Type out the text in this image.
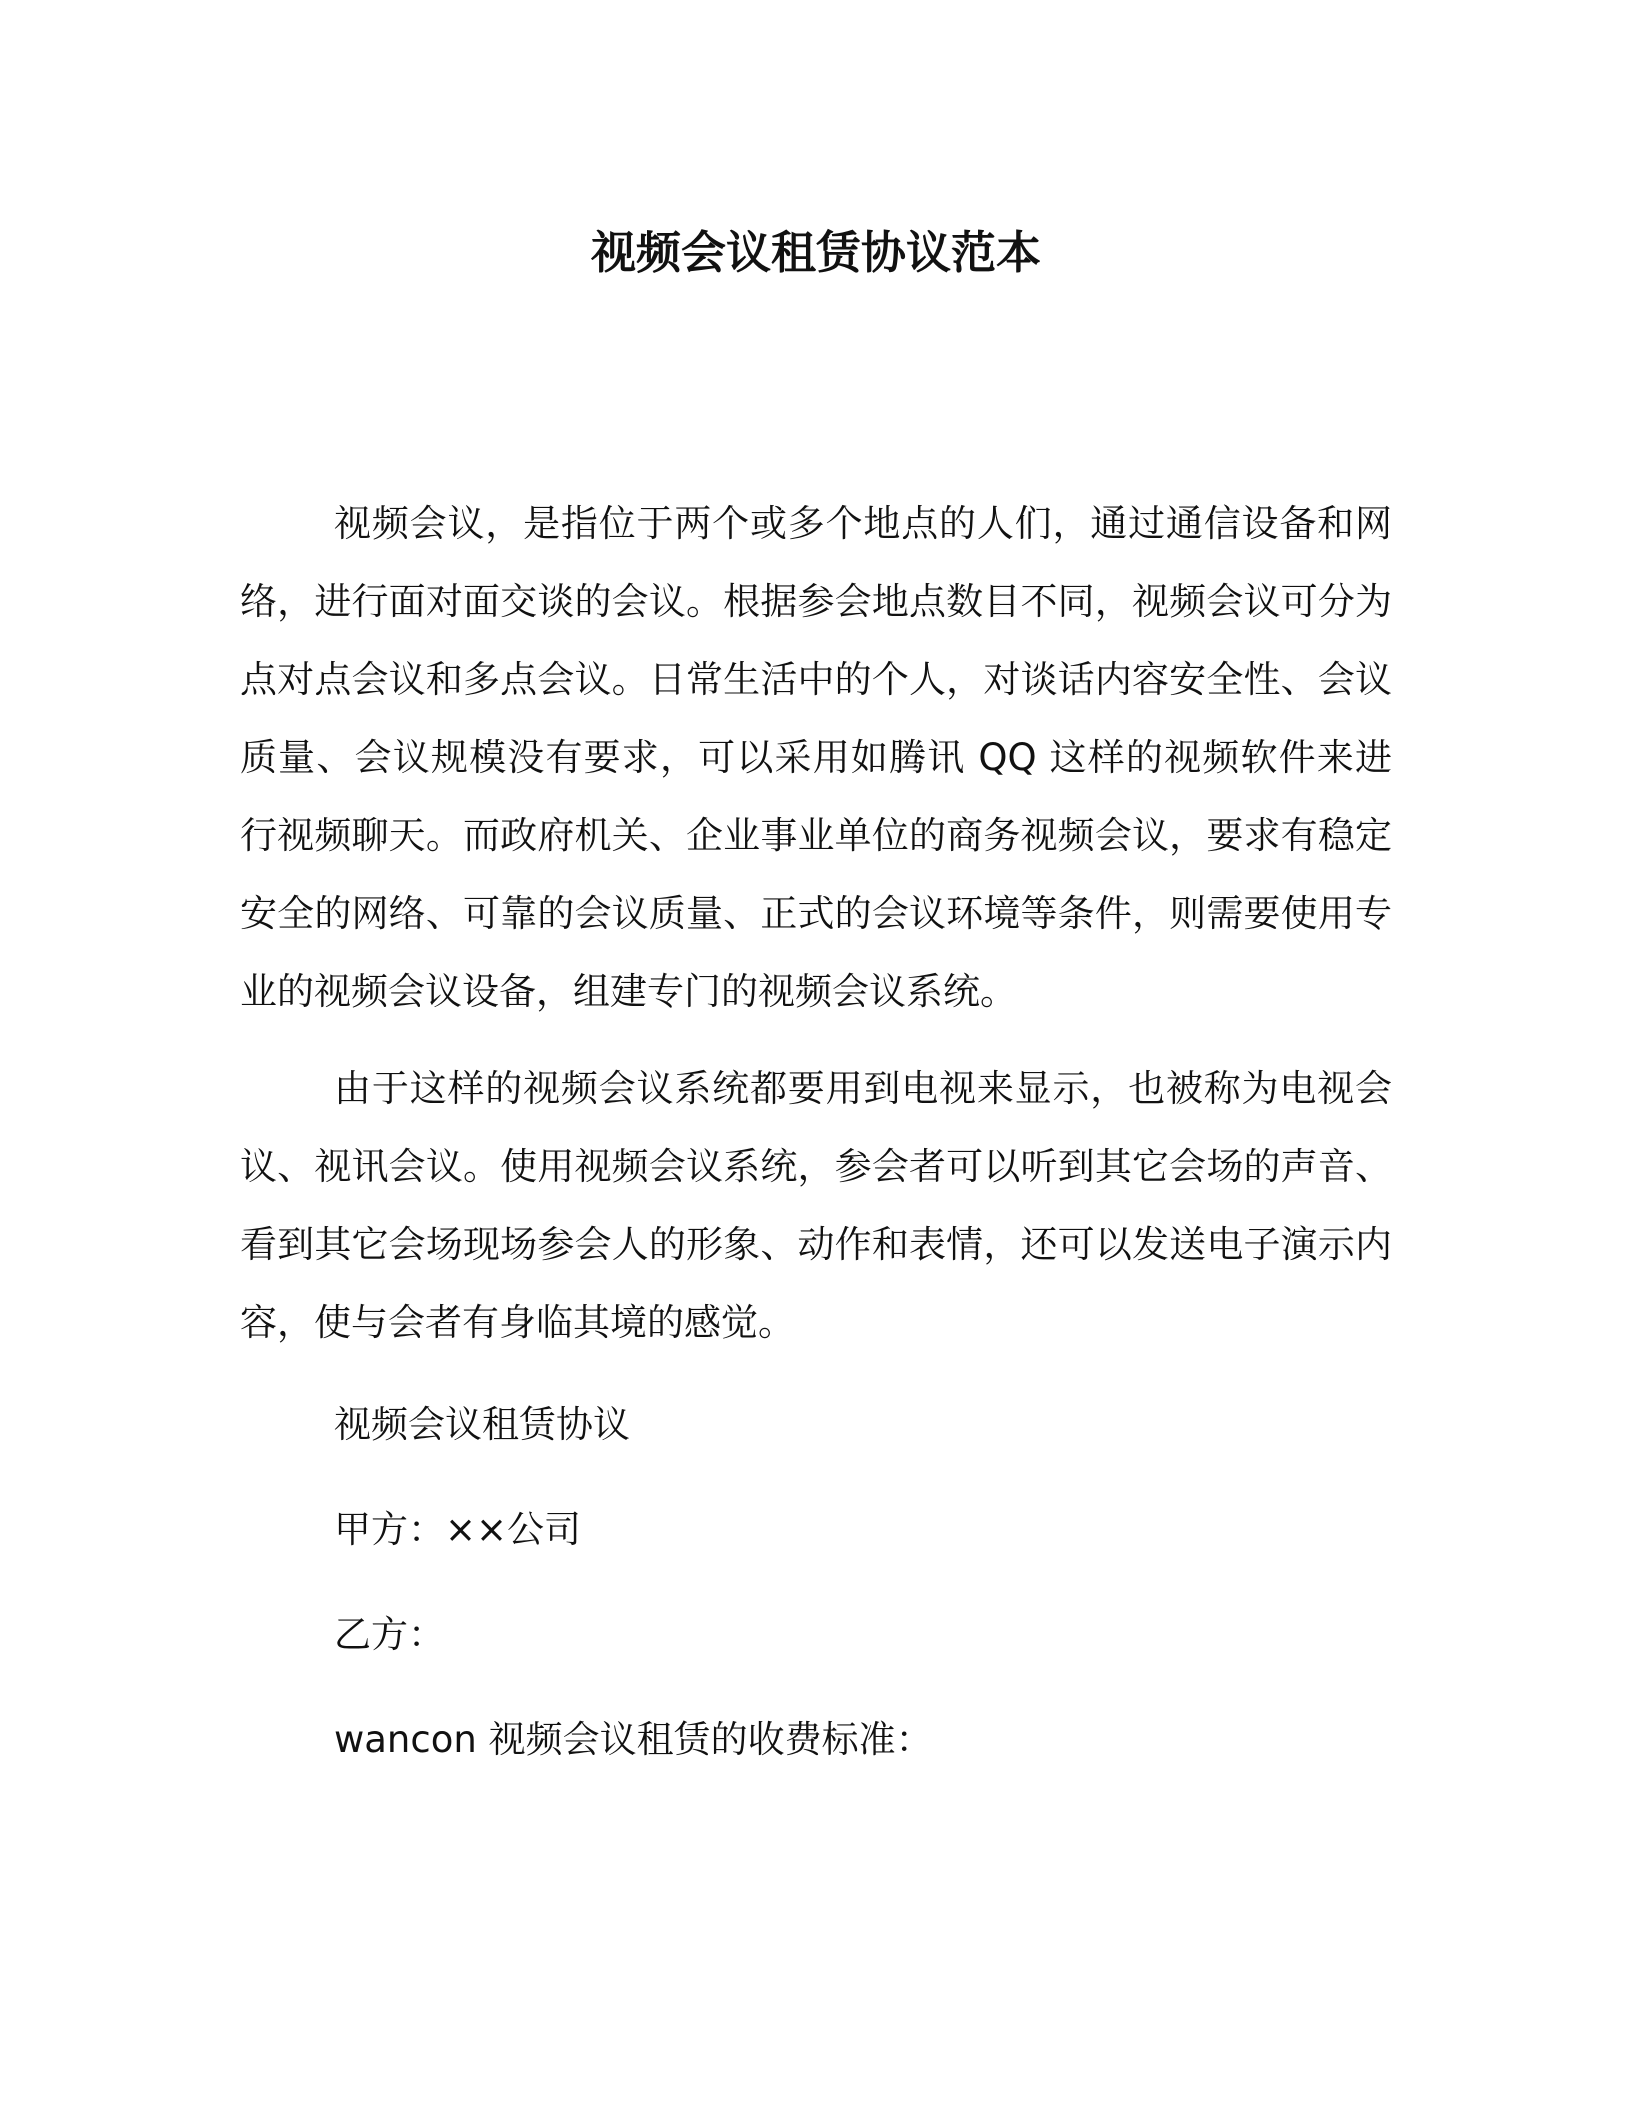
视频会议租赁协议范本

视频会议，是指位于两个或多个地点的人们，通过通信设备和网络，进行面对面交谈的会议。根据参会地点数目不同，视频会议可分为点对点会议和多点会议。日常生活中的个人，对谈话内容安全性、会议质量、会议规模没有要求，可以采用如腾讯 QQ 这样的视频软件来进行视频聊天。而政府机关、企业事业单位的商务视频会议，要求有稳定安全的网络、可靠的会议质量、正式的会议环境等条件，则需要使用专业的视频会议设备，组建专门的视频会议系统。

由于这样的视频会议系统都要用到电视来显示，也被称为电视会议、视讯会议。使用视频会议系统，参会者可以听到其它会场的声音、看到其它会场现场参会人的形象、动作和表情，还可以发送电子演示内容，使与会者有身临其境的感觉。

视频会议租赁协议

甲方：××公司

乙方：

wancon 视频会议租赁的收费标准：
